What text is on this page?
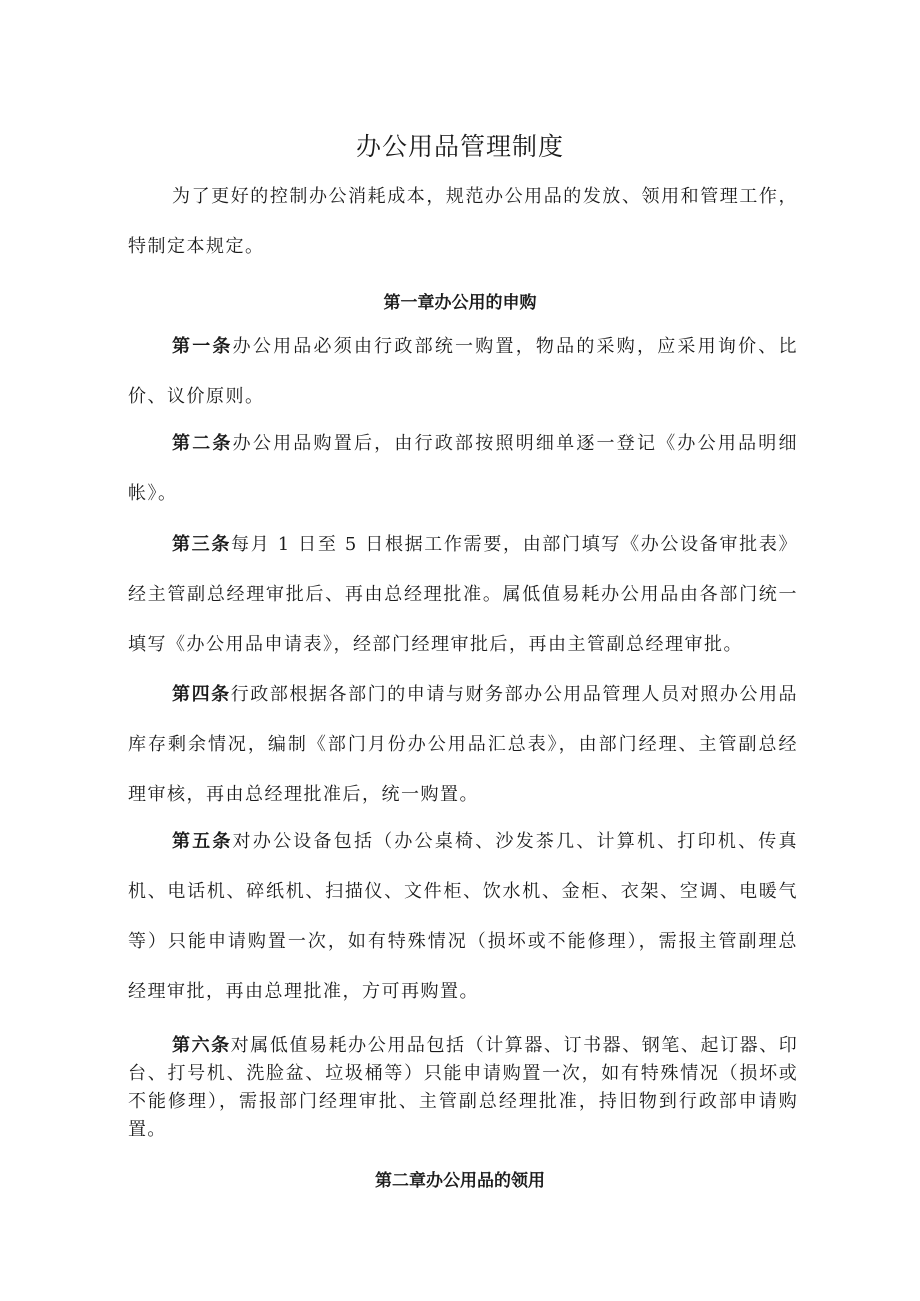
办公用品管理制度

为了更好的控制办公消耗成本，规范办公用品的发放、领用和管理工作，特制定本规定。

第一章办公用的申购

第一条办公用品必须由行政部统一购置，物品的采购，应采用询价、比价、议价原则。

第二条办公用品购置后，由行政部按照明细单逐一登记《办公用品明细帐》。

第三条每月 1 日至 5 日根据工作需要，由部门填写《办公设备审批表》经主管副总经理审批后、再由总经理批准。属低值易耗办公用品由各部门统一填写《办公用品申请表》，经部门经理审批后，再由主管副总经理审批。

第四条行政部根据各部门的申请与财务部办公用品管理人员对照办公用品库存剩余情况，编制《部门月份办公用品汇总表》，由部门经理、主管副总经理审核，再由总经理批准后，统一购置。

第五条对办公设备包括（办公桌椅、沙发茶几、计算机、打印机、传真机、电话机、碎纸机、扫描仪、文件柜、饮水机、金柜、衣架、空调、电暖气等）只能申请购置一次，如有特殊情况（损坏或不能修理），需报主管副理总经理审批，再由总理批准，方可再购置。

第六条对属低值易耗办公用品包括（计算器、订书器、钢笔、起订器、印台、打号机、洗脸盆、垃圾桶等）只能申请购置一次，如有特殊情况（损坏或不能修理），需报部门经理审批、主管副总经理批准，持旧物到行政部申请购置。

第二章办公用品的领用
